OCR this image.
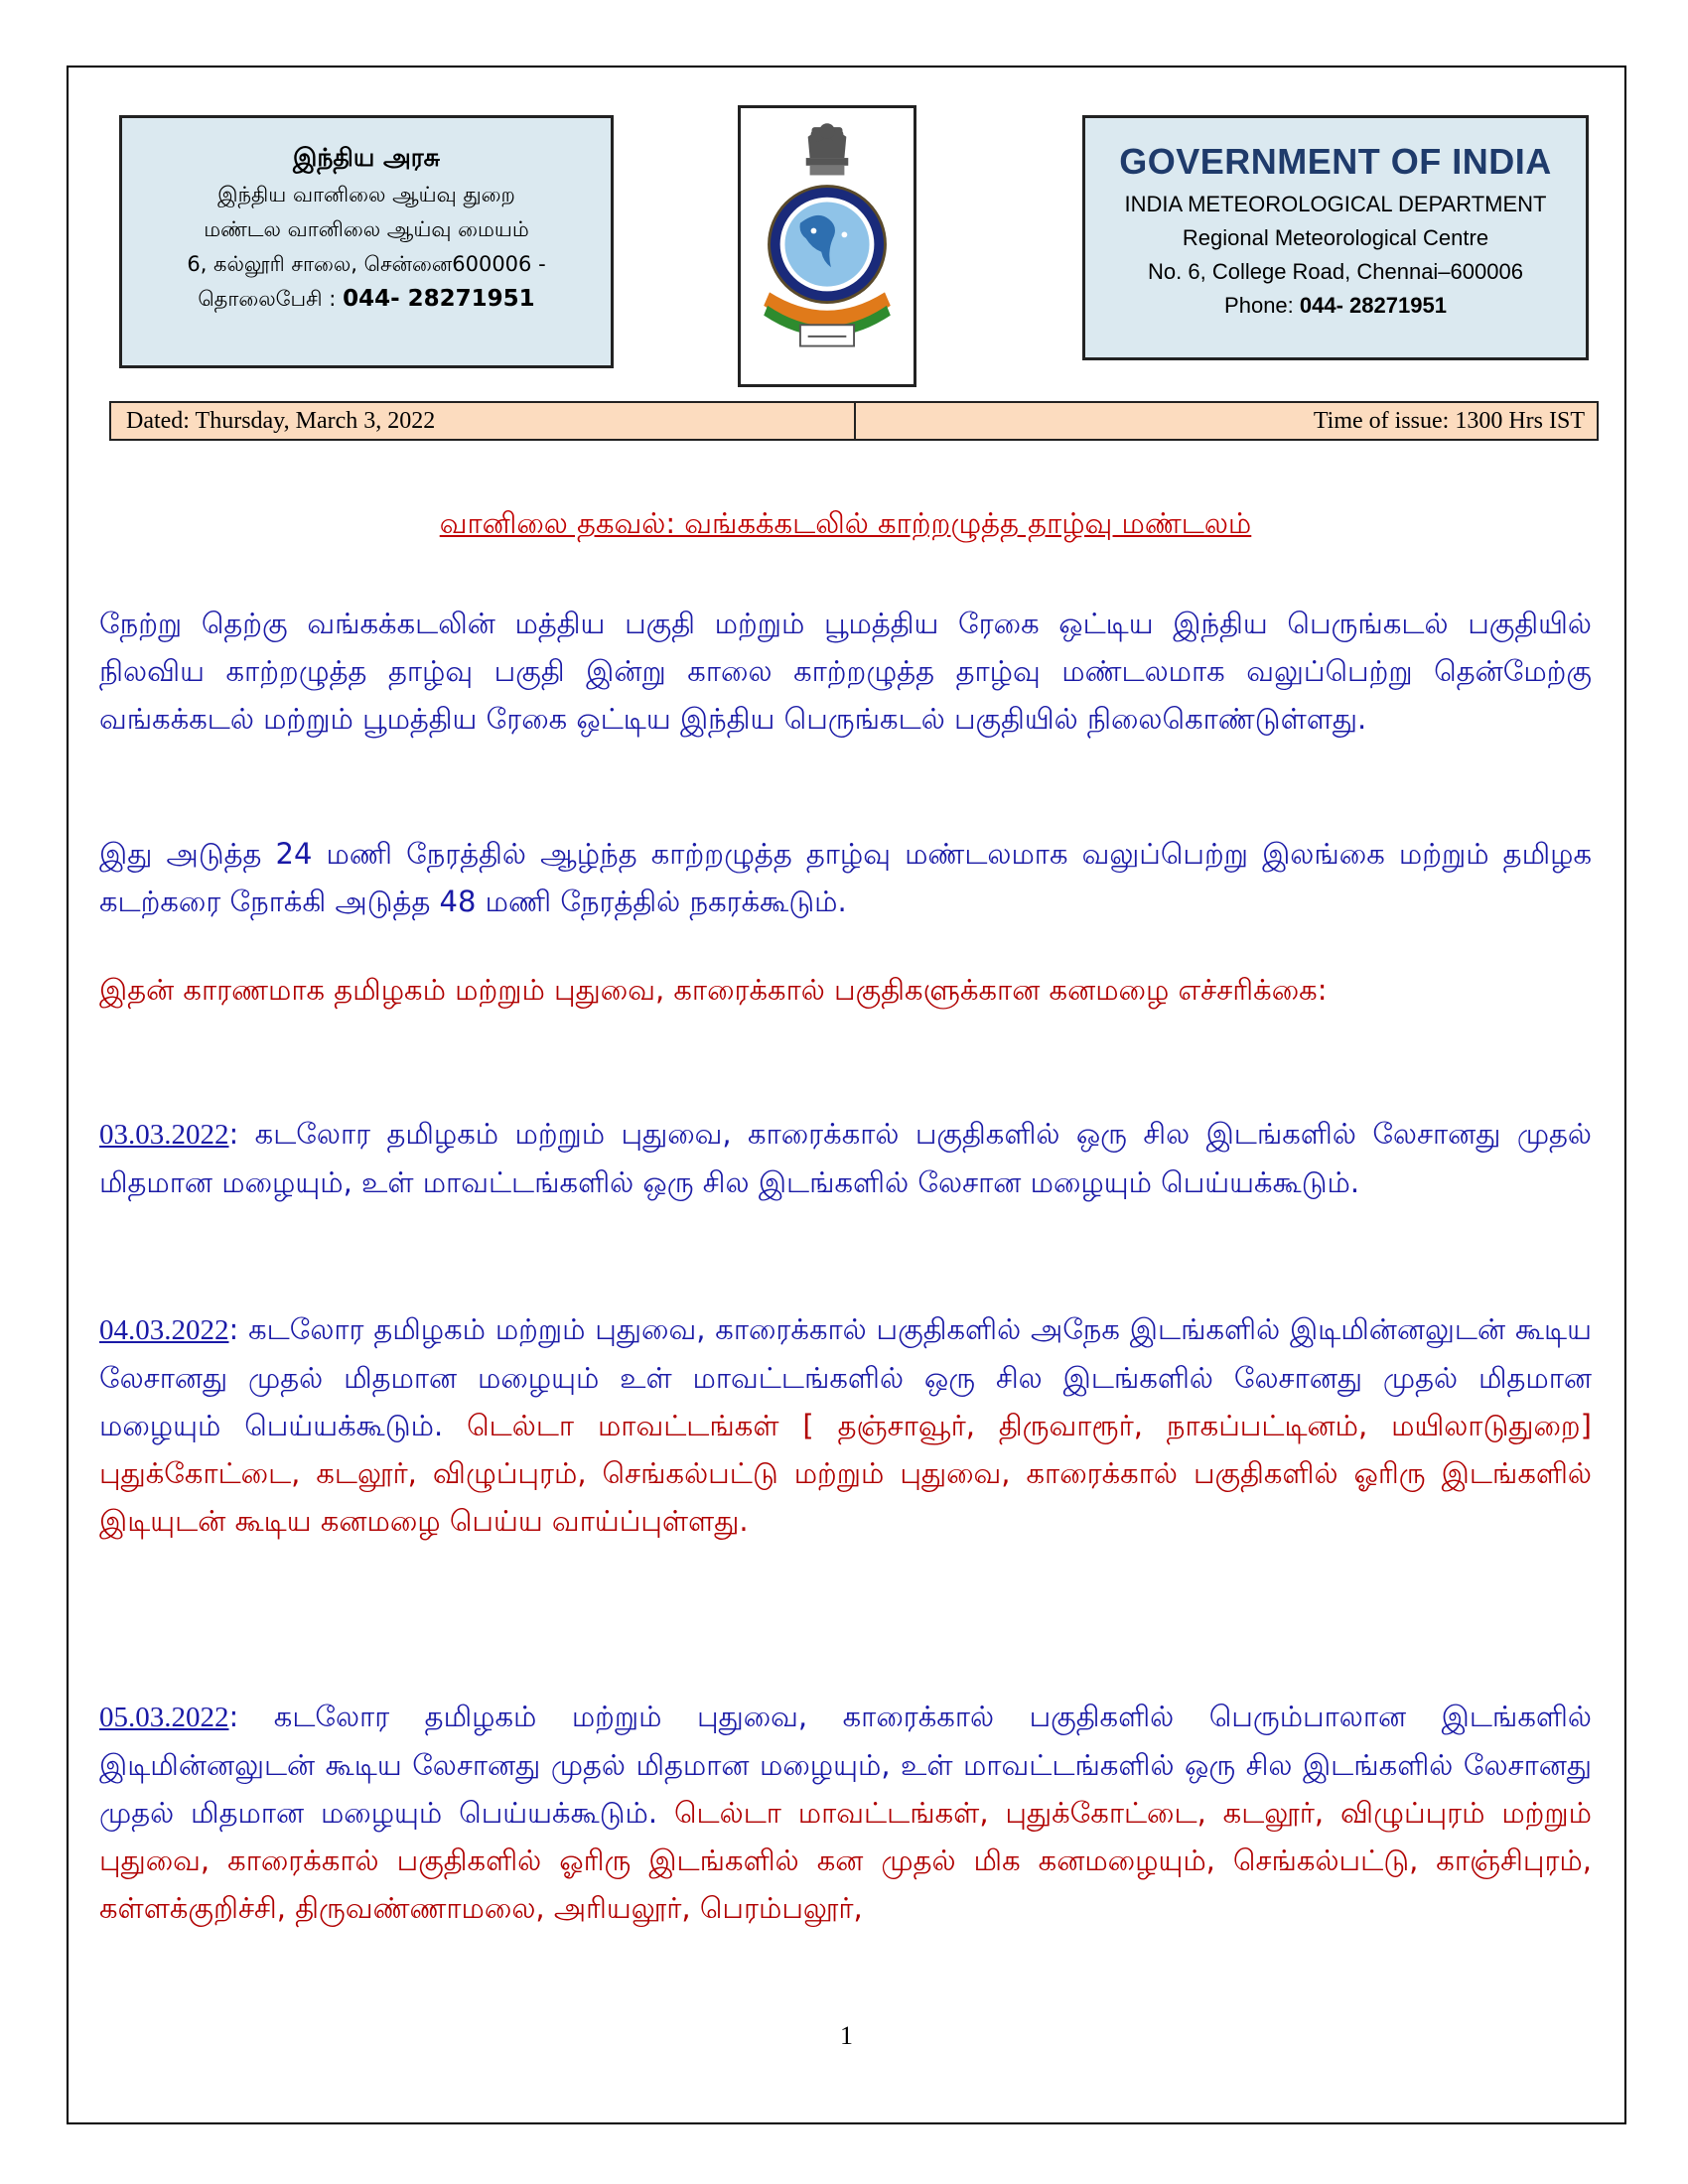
இந்திய அரசு
இந்திய வானிலை ஆய்வு துறை
மண்டல வானிலை ஆய்வு மையம்
6, கல்லூரி சாலை, சென்னை600006 -
தொலைபேசி : 044- 28271951
GOVERNMENT OF INDIA
INDIA METEOROLOGICAL DEPARTMENT
Regional Meteorological Centre
No. 6, College Road, Chennai–600006
Phone: 044- 28271951
Dated: Thursday, March 3, 2022	Time of issue: 1300 Hrs IST
வானிலை தகவல்: வங்கக்கடலில் காற்றழுத்த தாழ்வு மண்டலம்
நேற்று தெற்கு வங்கக்கடலின் மத்திய பகுதி மற்றும் பூமத்திய ரேகை ஒட்டிய இந்திய பெருங்கடல் பகுதியில் நிலவிய காற்றழுத்த தாழ்வு பகுதி இன்று காலை காற்றழுத்த தாழ்வு மண்டலமாக வலுப்பெற்று தென்மேற்கு வங்கக்கடல் மற்றும் பூமத்திய ரேகை ஒட்டிய இந்திய பெருங்கடல் பகுதியில் நிலைகொண்டுள்ளது.
இது அடுத்த 24 மணி நேரத்தில் ஆழ்ந்த காற்றழுத்த தாழ்வு மண்டலமாக வலுப்பெற்று இலங்கை மற்றும் தமிழக கடற்கரை நோக்கி அடுத்த 48 மணி நேரத்தில் நகரக்கூடும்.
இதன் காரணமாக தமிழகம் மற்றும் புதுவை, காரைக்கால் பகுதிகளுக்கான கனமழை எச்சரிக்கை:
03.03.2022: கடலோர தமிழகம் மற்றும் புதுவை, காரைக்கால் பகுதிகளில் ஒரு சில இடங்களில் லேசானது முதல் மிதமான மழையும், உள் மாவட்டங்களில் ஒரு சில இடங்களில் லேசான மழையும் பெய்யக்கூடும்.
04.03.2022: கடலோர தமிழகம் மற்றும் புதுவை, காரைக்கால் பகுதிகளில் அநேக இடங்களில் இடிமின்னலுடன் கூடிய லேசானது முதல் மிதமான மழையும் உள் மாவட்டங்களில் ஒரு சில இடங்களில் லேசானது முதல் மிதமான மழையும் பெய்யக்கூடும். டெல்டா மாவட்டங்கள் [ தஞ்சாவூர், திருவாரூர், நாகப்பட்டினம், மயிலாடுதுறை] புதுக்கோட்டை, கடலூர், விழுப்புரம், செங்கல்பட்டு மற்றும் புதுவை, காரைக்கால் பகுதிகளில் ஓரிரு இடங்களில் இடியுடன் கூடிய கனமழை பெய்ய வாய்ப்புள்ளது.
05.03.2022: கடலோர தமிழகம் மற்றும் புதுவை, காரைக்கால் பகுதிகளில் பெரும்பாலான இடங்களில் இடிமின்னலுடன் கூடிய லேசானது முதல் மிதமான மழையும், உள் மாவட்டங்களில் ஒரு சில இடங்களில் லேசானது முதல் மிதமான மழையும் பெய்யக்கூடும். டெல்டா மாவட்டங்கள், புதுக்கோட்டை, கடலூர், விழுப்புரம் மற்றும் புதுவை, காரைக்கால் பகுதிகளில் ஓரிரு இடங்களில் கன முதல் மிக கனமழையும், செங்கல்பட்டு, காஞ்சிபுரம், கள்ளக்குறிச்சி, திருவண்ணாமலை, அரியலூர், பெரம்பலூர்,
1
